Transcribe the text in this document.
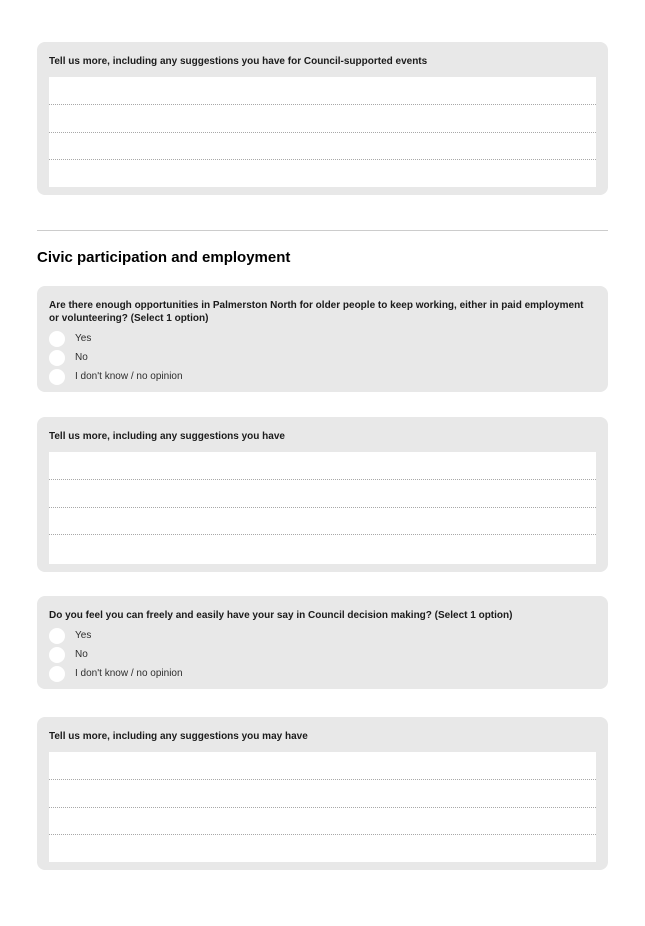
Tell us more, including any suggestions you have for Council-supported events
Civic participation and employment
Are there enough opportunities in Palmerston North for older people to keep working, either in paid employment or volunteering? (Select 1 option)
Yes
No
I don't know / no opinion
Tell us more, including any suggestions you have
Do you feel you can freely and easily have your say in Council decision making? (Select 1 option)
Yes
No
I don't know / no opinion
Tell us more, including any suggestions you may have
